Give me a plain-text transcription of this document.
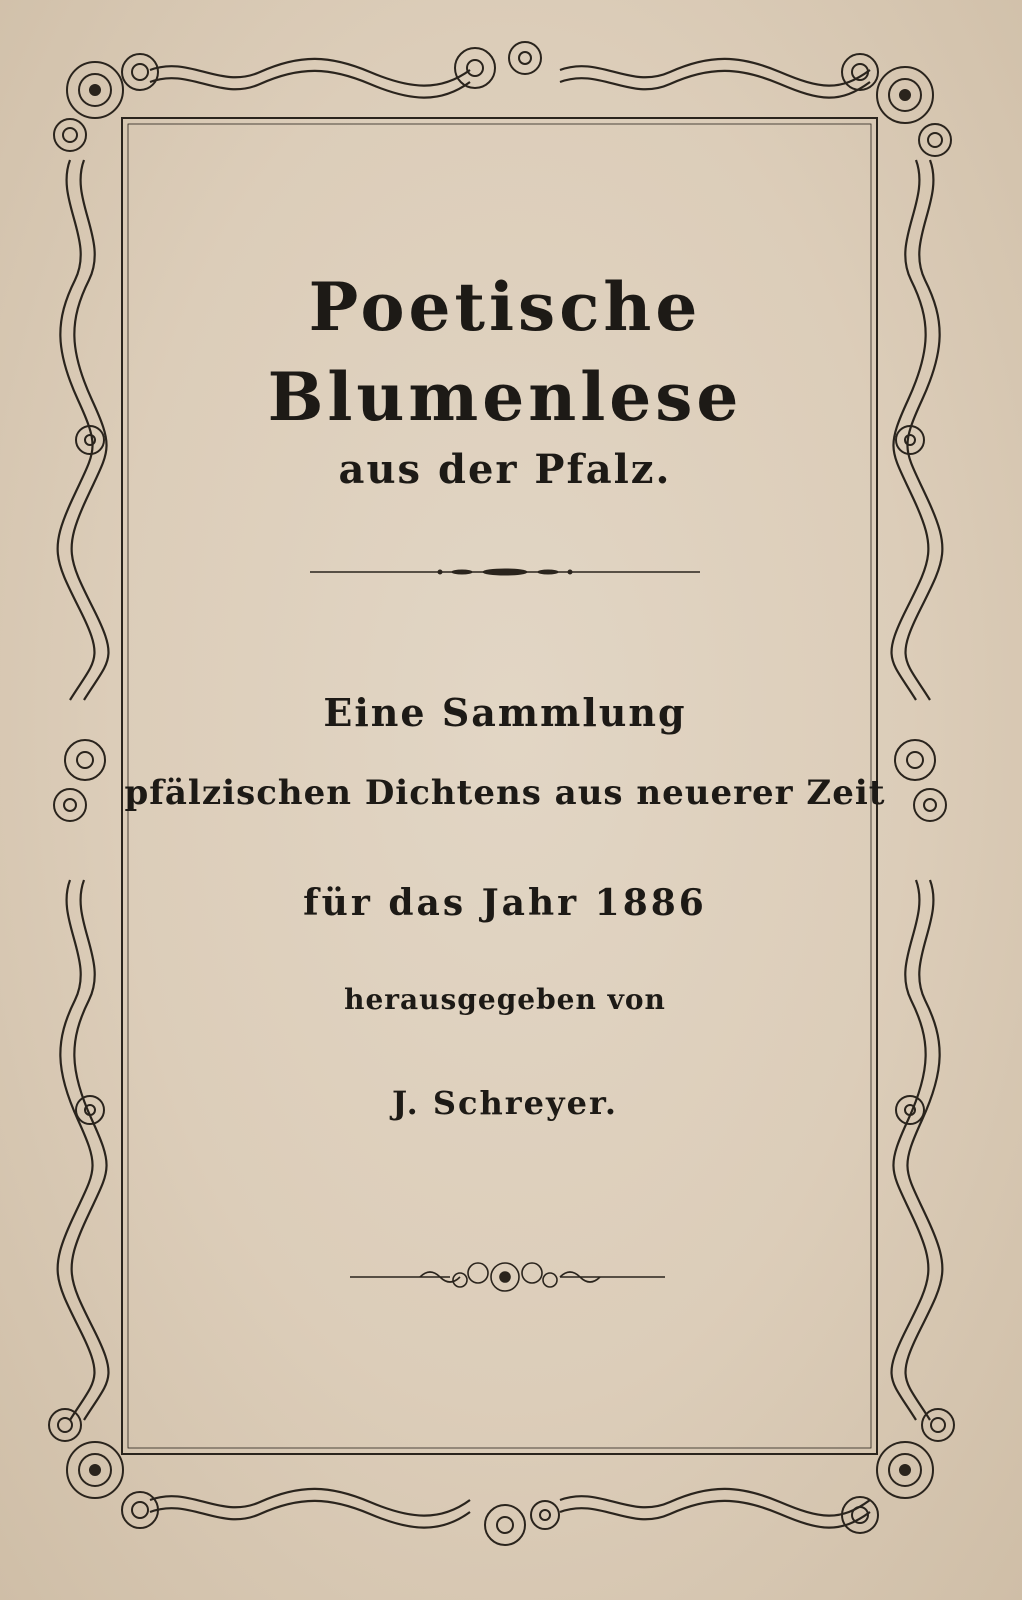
Poetische Blumenlese
aus der Pfalz.
Eine Sammlung
pfälzischen Dichtens aus neuerer Zeit
für das Jahr 1886
herausgegeben von
J. Schreyer.
